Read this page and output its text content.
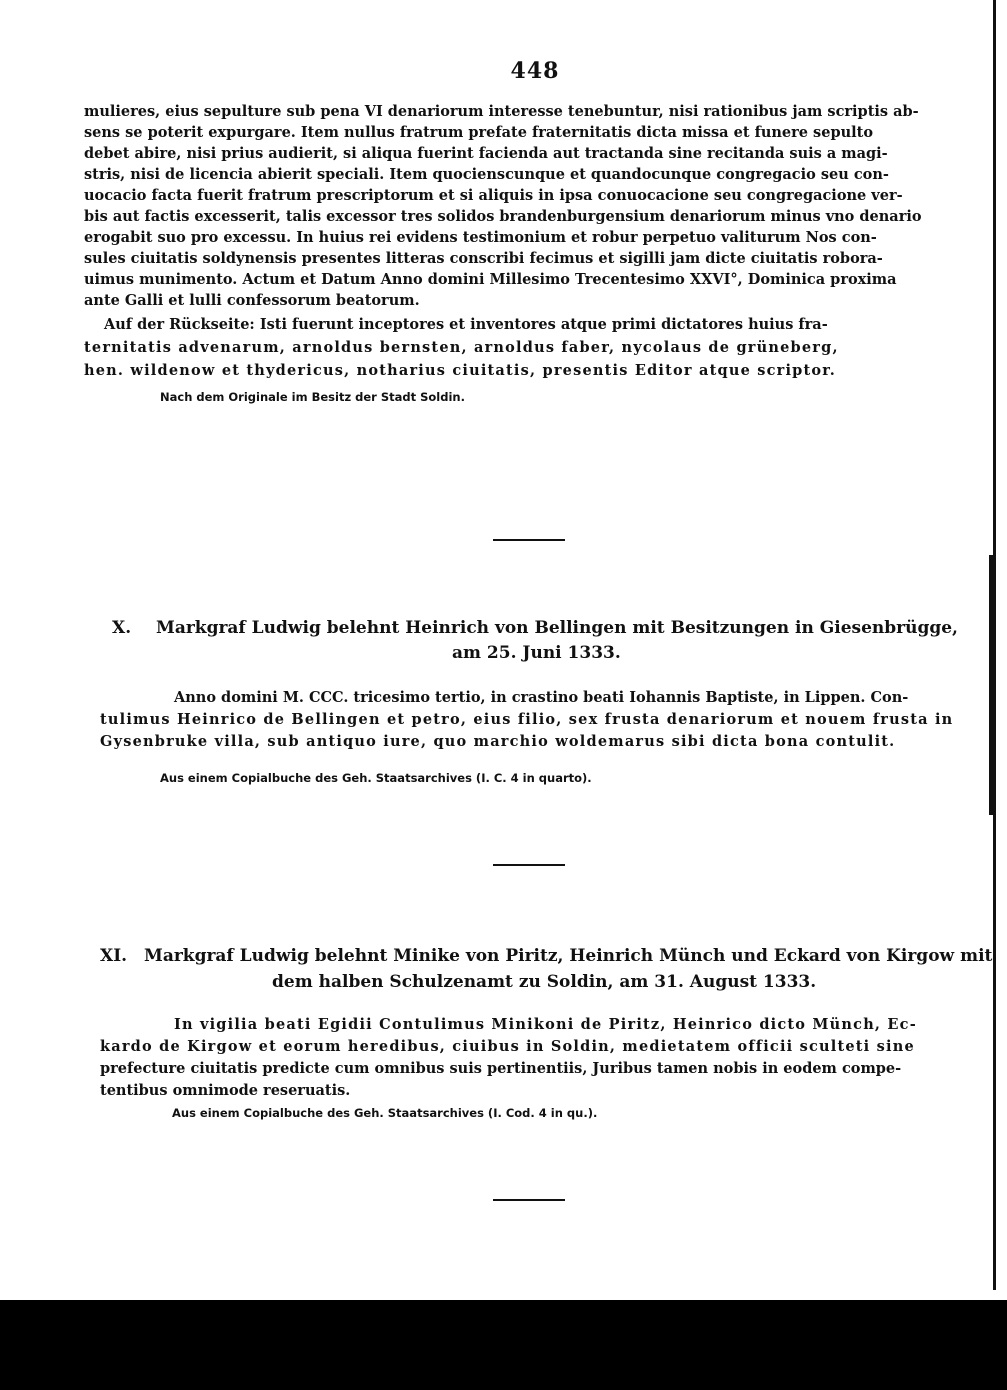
448
mulieres, eius sepulture sub pena VI denariorum interesse tenebuntur, nisi rationibus jam scriptis ab-
sens se poterit expurgare. Item nullus fratrum prefate fraternitatis dicta missa et funere sepulto
debet abire, nisi prius audierit, si aliqua fuerint facienda aut tractanda sine recitanda suis a magi-
stris, nisi de licencia abierit speciali. Item quocienscunque et quandocunque congregacio seu con-
uocacio facta fuerit fratrum prescriptorum et si aliquis in ipsa conuocacione seu congregacione ver-
bis aut factis excesserit, talis excessor tres solidos brandenburgensium denariorum minus vno denario
erogabit suo pro excessu. In huius rei evidens testimonium et robur perpetuo valiturum Nos con-
sules ciuitatis soldynensis presentes litteras conscribi fecimus et sigilli jam dicte ciuitatis robora-
uimus munimento. Actum et Datum Anno domini Millesimo Trecentesimo XXVI°, Dominica proxima
ante Galli et lulli confessorum beatorum.
Auf der Rückseite: Isti fuerunt inceptores et inventores atque primi dictatores huius fra-
ternitatis advenarum, arnoldus bernsten, arnoldus faber, nycolaus de grüneberg,
hen. wildenow et thydericus, notharius ciuitatis, presentis Editor atque scriptor.
Nach dem Originale im Besitz der Stadt Soldin.
X. Markgraf Ludwig belehnt Heinrich von Bellingen mit Besitzungen in Giesenbrügge,
am 25. Juni 1333.
Anno domini M. CCC. tricesimo tertio, in crastino beati Iohannis Baptiste, in Lippen. Con-
tulimus Heinrico de Bellingen et petro, eius filio, sex frusta denariorum et nouem frusta in
Gysenbruke villa, sub antiquo iure, quo marchio woldemarus sibi dicta bona contulit.
Aus einem Copialbuche des Geh. Staatsarchives (I. C. 4 in quarto).
XI. Markgraf Ludwig belehnt Minike von Piritz, Heinrich Münch und Eckard von Kirgow mit
dem halben Schulzenamt zu Soldin, am 31. August 1333.
In vigilia beati Egidii Contulimus Minikoni de Piritz, Heinrico dicto Münch, Ec-
kardo de Kirgow et eorum heredibus, ciuibus in Soldin, medietatem officii sculteti sine
prefecture ciuitatis predicte cum omnibus suis pertinentiis, Juribus tamen nobis in eodem compe-
tentibus omnimode reseruatis.
Aus einem Copialbuche des Geh. Staatsarchives (I. Cod. 4 in qu.).
